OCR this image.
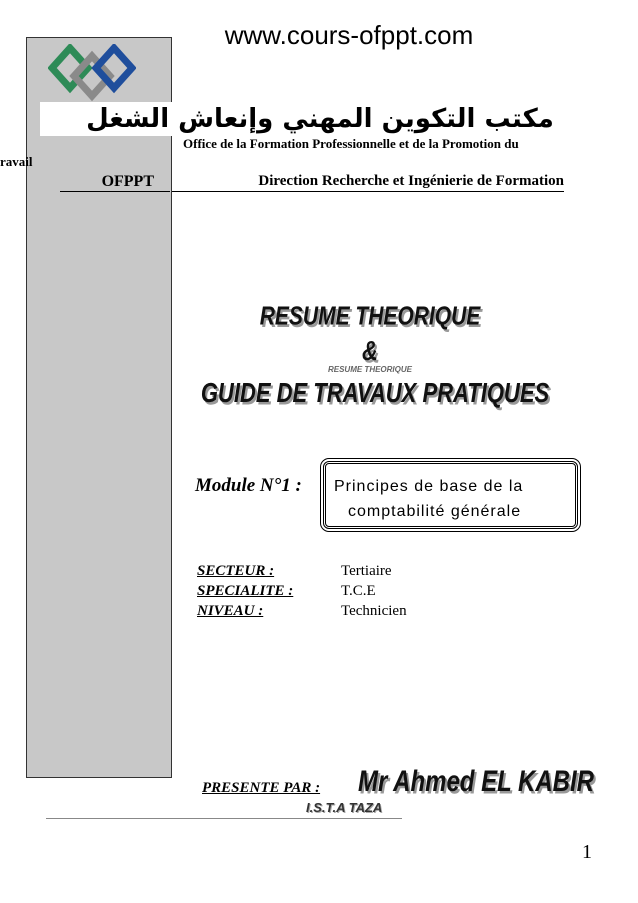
www.cours-ofppt.com
مكتب التكوين المهني وإنعاش الشغل
Office de la Formation Professionnelle et de la Promotion du
ravail
OFPPT	Direction Recherche et Ingénierie de Formation
RESUME THEORIQUE
&
RESUME THEORIQUE
GUIDE DE TRAVAUX PRATIQUES
Module N°1 : Principes de base de la
comptabilité générale
SECTEUR :	Tertiaire
SPECIALITE :	T.C.E
NIVEAU :	Technicien
PRESENTE PAR : Mr Ahmed EL KABIR
I.S.T.A TAZA
1
